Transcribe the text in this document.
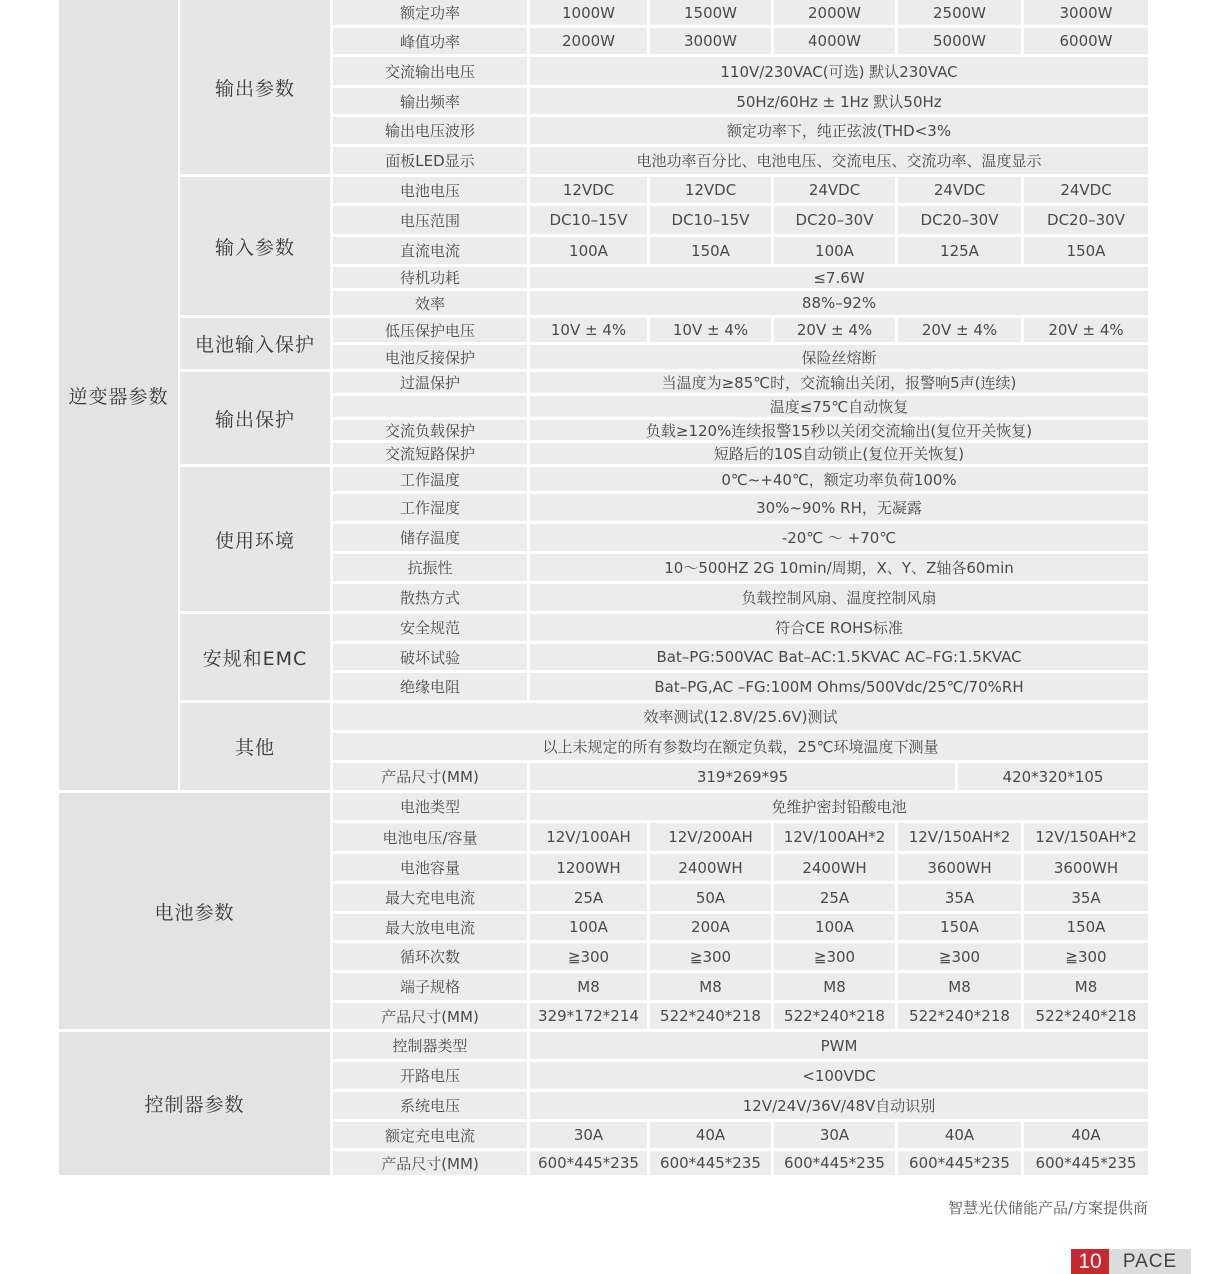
逆变器参数
输出参数
额定功率	1000W	1500W	2000W	2500W	3000W
峰值功率	2000W	3000W	4000W	5000W	6000W
交流输出电压	110V/230VAC(可选) 默认230VAC
输出频率	50Hz/60Hz ± 1Hz 默认50Hz
输出电压波形	额定功率下，纯正弦波(THD<3%
面板LED显示	电池功率百分比、电池电压、交流电压、交流功率、温度显示
输入参数
电池电压	12VDC	12VDC	24VDC	24VDC	24VDC
电压范围	DC10–15V	DC10–15V	DC20–30V	DC20–30V	DC20–30V
直流电流	100A	150A	100A	125A	150A
待机功耗	≤7.6W
效率	88%–92%
电池输入保护
低压保护电压	10V ± 4%	10V ± 4%	20V ± 4%	20V ± 4%	20V ± 4%
电池反接保护	保险丝熔断
输出保护
过温保护	当温度为≥85℃时，交流输出关闭，报警响5声(连续)
温度≤75℃自动恢复
交流负载保护	负载≥120%连续报警15秒以关闭交流输出(复位开关恢复)
交流短路保护	短路后的10S自动锁止(复位开关恢复)
使用环境
工作温度	0℃~+40℃，额定功率负荷100%
工作湿度	30%~90% RH，无凝露
储存温度	-20℃ ～ +70℃
抗振性	10～500HZ 2G 10min/周期，X、Y、Z轴各60min
散热方式	负载控制风扇、温度控制风扇
安规和EMC
安全规范	符合CE ROHS标准
破坏试验	Bat–PG:500VAC Bat–AC:1.5KVAC AC–FG:1.5KVAC
绝缘电阻	Bat–PG,AC –FG:100M Ohms/500Vdc/25℃/70%RH
其他
效率测试(12.8V/25.6V)测试
以上未规定的所有参数均在额定负载，25℃环境温度下测量
产品尺寸(MM)	319*269*95	420*320*105
电池参数
电池类型	免维护密封铅酸电池
电池电压/容量	12V/100AH	12V/200AH	12V/100AH*2	12V/150AH*2	12V/150AH*2
电池容量	1200WH	2400WH	2400WH	3600WH	3600WH
最大充电电流	25A	50A	25A	35A	35A
最大放电电流	100A	200A	100A	150A	150A
循环次数	≧300	≧300	≧300	≧300	≧300
端子规格	M8	M8	M8	M8	M8
产品尺寸(MM)	329*172*214	522*240*218	522*240*218	522*240*218	522*240*218
控制器参数
控制器类型	PWM
开路电压	<100VDC
系统电压	12V/24V/36V/48V自动识别
额定充电电流	30A	40A	30A	40A	40A
产品尺寸(MM)	600*445*235	600*445*235	600*445*235	600*445*235	600*445*235
智慧光伏储能产品/方案提供商
10	PACE
